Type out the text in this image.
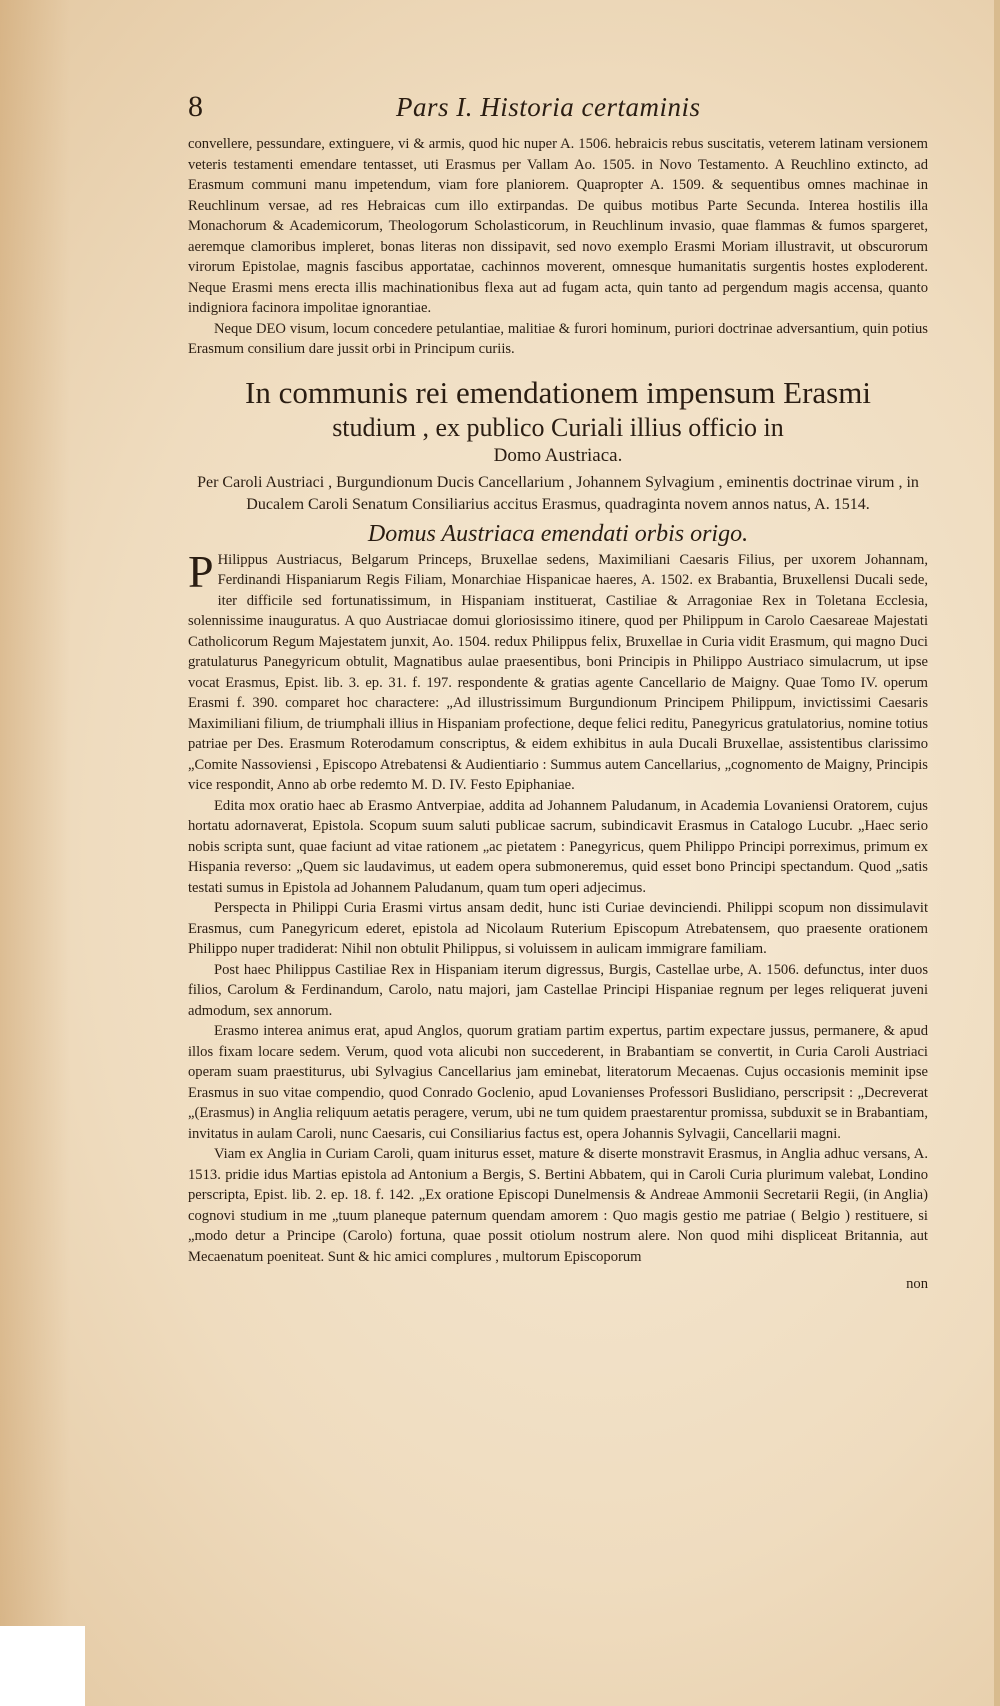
8	Pars I. Historia certaminis

convellere, pessundare, extinguere, vi & armis, quod hic nuper A. 1506. hebraicis rebus suscitatis, veterem latinam versionem veteris testamenti emendare tentasset, uti Erasmus per Vallam Ao. 1505. in Novo Testamento. A Reuchlino extincto, ad Erasmum communi manu impetendum, viam fore planiorem. Quapropter A. 1509. & sequentibus omnes machinae in Reuchlinum versae, ad res Hebraicas cum illo extirpandas. De quibus motibus Parte Secunda. Interea hostilis illa Monachorum & Academicorum, Theologorum Scholasticorum, in Reuchlinum invasio, quae flammas & fumos spargeret, aeremque clamoribus impleret, bonas literas non dissipavit, sed novo exemplo Erasmi Moriam illustravit, ut obscurorum virorum Epistolae, magnis fascibus apportatae, cachinnos moverent, omnesque humanitatis surgentis hostes exploderent. Neque Erasmi mens erecta illis machinationibus flexa aut ad fugam acta, quin tanto ad pergendum magis accensa, quanto indigniora facinora impolitae ignorantiae.

Neque DEO visum, locum concedere petulantiae, malitiae & furori hominum, puriori doctrinae adversantium, quin potius Erasmum consilium dare jussit orbi in Principum curiis.

In communis rei emendationem impensum Erasmi
studium , ex publico Curiali illius officio in
Domo Austriaca.
Per Caroli Austriaci , Burgundionum Ducis Cancellarium , Johannem Sylvagium , eminentis doctrinae virum , in Ducalem Caroli Senatum Consiliarius accitus Erasmus, quadraginta novem annos natus, A. 1514.
Domus Austriaca emendati orbis origo.

P Hilippus Austriacus, Belgarum Princeps, Bruxellae sedens, Maximiliani Caesaris Filius, per uxorem Johannam, Ferdinandi Hispaniarum Regis Filiam, Monarchiae Hispanicae haeres, A. 1502. ex Brabantia, Bruxellensi Ducali sede, iter difficile sed fortunatissimum, in Hispaniam instituerat, Castiliae & Arragoniae Rex in Toletana Ecclesia, solennissime inauguratus. A quo Austriacae domui gloriosissimo itinere, quod per Philippum in Carolo Caesareae Majestati Catholicorum Regum Majestatem junxit, Ao. 1504. redux Philippus felix, Bruxellae in Curia vidit Erasmum, qui magno Duci gratulaturus Panegyricum obtulit, Magnatibus aulae praesentibus, boni Principis in Philippo Austriaco simulacrum, ut ipse vocat Erasmus, Epist. lib. 3. ep. 31. f. 197. respondente & gratias agente Cancellario de Maigny. Quae Tomo IV. operum Erasmi f. 390. comparet hoc charactere: „Ad illustrissimum Burgundionum Principem Philippum, invictissimi Caesaris Maximiliani filium, de triumphali illius in Hispaniam profectione, deque felici reditu, Panegyricus gratulatorius, nomine totius patriae per Des. Erasmum Roterodamum conscriptus, & eidem exhibitus in aula Ducali Bruxellae, assistentibus clarissimo „Comite Nassoviensi , Episcopo Atrebatensi & Audientiario : Summus autem Cancellarius, „cognomento de Maigny, Principis vice respondit, Anno ab orbe redemto M. D. IV. Festo Epiphaniae.

Edita mox oratio haec ab Erasmo Antverpiae, addita ad Johannem Paludanum, in Academia Lovaniensi Oratorem, cujus hortatu adornaverat, Epistola. Scopum suum saluti publicae sacrum, subindicavit Erasmus in Catalogo Lucubr. „Haec serio nobis scripta sunt, quae faciunt ad vitae rationem „ac pietatem : Panegyricus, quem Philippo Principi porreximus, primum ex Hispania reverso: „Quem sic laudavimus, ut eadem opera submoneremus, quid esset bono Principi spectandum. Quod „satis testati sumus in Epistola ad Johannem Paludanum, quam tum operi adjecimus.

Perspecta in Philippi Curia Erasmi virtus ansam dedit, hunc isti Curiae devinciendi. Philippi scopum non dissimulavit Erasmus, cum Panegyricum ederet, epistola ad Nicolaum Ruterium Episcopum Atrebatensem, quo praesente orationem Philippo nuper tradiderat: Nihil non obtulit Philippus, si voluissem in aulicam immigrare familiam.

Post haec Philippus Castiliae Rex in Hispaniam iterum digressus, Burgis, Castellae urbe, A. 1506. defunctus, inter duos filios, Carolum & Ferdinandum, Carolo, natu majori, jam Castellae Principi Hispaniae regnum per leges reliquerat juveni admodum, sex annorum.

Erasmo interea animus erat, apud Anglos, quorum gratiam partim expertus, partim expectare jussus, permanere, & apud illos fixam locare sedem. Verum, quod vota alicubi non succederent, in Brabantiam se convertit, in Curia Caroli Austriaci operam suam praestiturus, ubi Sylvagius Cancellarius jam eminebat, literatorum Mecaenas. Cujus occasionis meminit ipse Erasmus in suo vitae compendio, quod Conrado Goclenio, apud Lovanienses Professori Buslidiano, perscripsit : „Decreverat „(Erasmus) in Anglia reliquum aetatis peragere, verum, ubi ne tum quidem praestarentur promissa, subduxit se in Brabantiam, invitatus in aulam Caroli, nunc Caesaris, cui Consiliarius factus est, opera Johannis Sylvagii, Cancellarii magni.

Viam ex Anglia in Curiam Caroli, quam initurus esset, mature & diserte monstravit Erasmus, in Anglia adhuc versans, A. 1513. pridie idus Martias epistola ad Antonium a Bergis, S. Bertini Abbatem, qui in Caroli Curia plurimum valebat, Londino perscripta, Epist. lib. 2. ep. 18. f. 142. „Ex oratione Episcopi Dunelmensis & Andreae Ammonii Secretarii Regii, (in Anglia) cognovi studium in me „tuum planeque paternum quendam amorem : Quo magis gestio me patriae ( Belgio ) restituere, si „modo detur a Principe (Carolo) fortuna, quae possit otiolum nostrum alere. Non quod mihi displiceat Britannia, aut Mecaenatum poeniteat. Sunt & hic amici complures , multorum Episcoporum

non
